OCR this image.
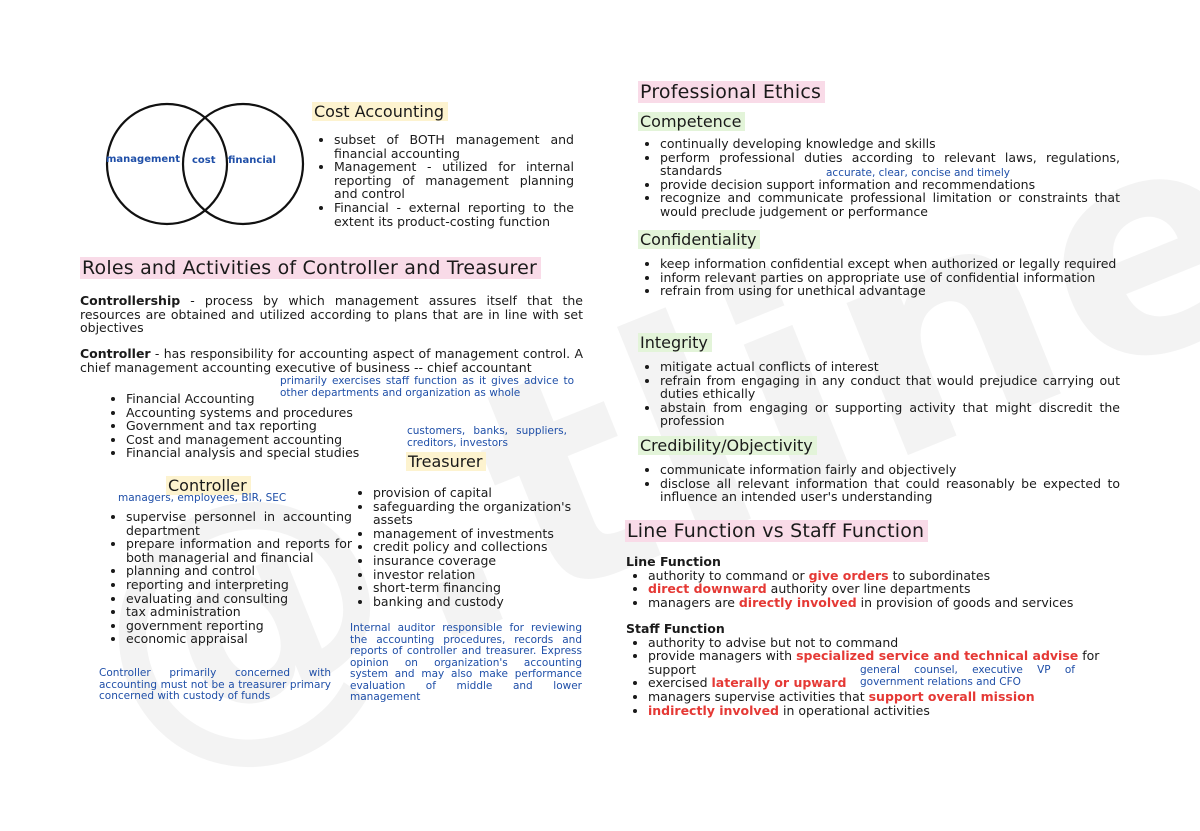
management cost financial
Cost Accounting
• subset of BOTH management and financial accounting
• Management - utilized for internal reporting of management planning and control
• Financial - external reporting to the extent its product-costing function
Roles and Activities of Controller and Treasurer
Controllership - process by which management assures itself that the resources are obtained and utilized according to plans that are in line with set objectives
Controller - has responsibility for accounting aspect of management control. A chief management accounting executive of business -- chief accountant
primarily exercises staff function as it gives advice to other departments and organization as whole
• Financial Accounting
• Accounting systems and procedures
• Government and tax reporting
• Cost and management accounting
• Financial analysis and special studies
Controller
managers, employees, BIR, SEC
• supervise personnel in accounting department
• prepare information and reports for both managerial and financial
• planning and control
• reporting and interpreting
• evaluating and consulting
• tax administration
• government reporting
• economic appraisal
Controller primarily concerned with accounting must not be a treasurer primary concerned with custody of funds
customers, banks, suppliers, creditors, investors
Treasurer
• provision of capital
• safeguarding the organization's assets
• management of investments
• credit policy and collections
• insurance coverage
• investor relation
• short-term financing
• banking and custody
Internal auditor responsible for reviewing the accounting procedures, records and reports of controller and treasurer. Express opinion on organization's accounting system and may also make performance evaluation of middle and lower management
Professional Ethics
Competence
• continually developing knowledge and skills
• perform professional duties according to relevant laws, regulations, standards
• provide decision support information and recommendations
• recognize and communicate professional limitation or constraints that would preclude judgement or performance
accurate, clear, concise and timely
Confidentiality
• keep information confidential except when authorized or legally required
• inform relevant parties on appropriate use of confidential information
• refrain from using for unethical advantage
Integrity
• mitigate actual conflicts of interest
• refrain from engaging in any conduct that would prejudice carrying out duties ethically
• abstain from engaging or supporting activity that might discredit the profession
Credibility/Objectivity
• communicate information fairly and objectively
• disclose all relevant information that could reasonably be expected to influence an intended user's understanding
Line Function vs Staff Function
Line Function
• authority to command or give orders to subordinates
• direct downward authority over line departments
• managers are directly involved in provision of goods and services
Staff Function
• authority to advise but not to command
• provide managers with specialized service and technical advise for support
• exercised laterally or upward
• managers supervise activities that support overall mission
• indirectly involved in operational activities
general counsel, executive VP of government relations and CFO
